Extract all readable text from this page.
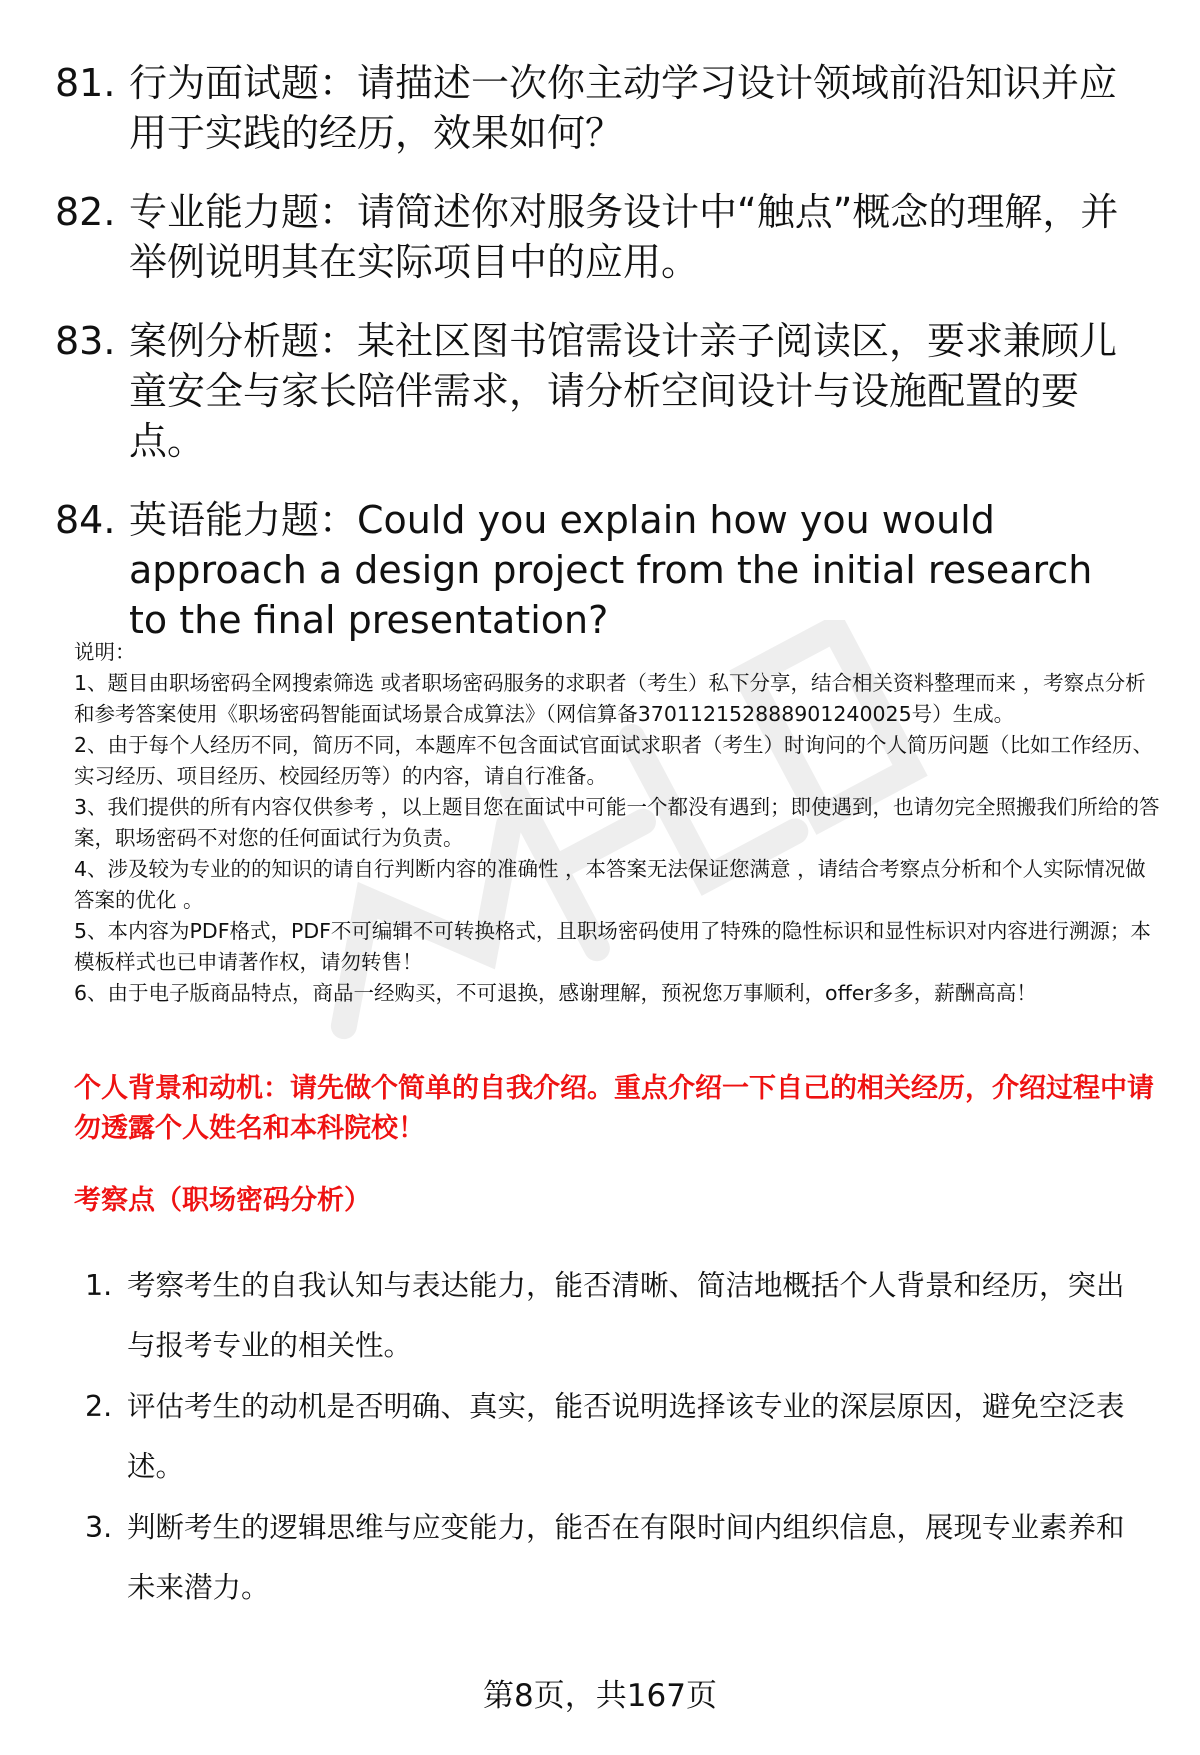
81. 行为面试题：请描述一次你主动学习设计领域前沿知识并应用于实践的经历，效果如何？
82. 专业能力题：请简述你对服务设计中“触点”概念的理解，并举例说明其在实际项目中的应用。
83. 案例分析题：某社区图书馆需设计亲子阅读区，要求兼顾儿童安全与家长陪伴需求，请分析空间设计与设施配置的要点。
84. 英语能力题：Could you explain how you would approach a design project from the initial research to the final presentation?

说明：

1、题目由职场密码全网搜索筛选 或者职场密码服务的求职者（考生）私下分享，结合相关资料整理而来 ，考察点分析和参考答案使用《职场密码智能面试场景合成算法》（网信算备370112152888901240025号）生成。

2、由于每个人经历不同，简历不同，本题库不包含面试官面试求职者（考生）时询问的个人简历问题（比如工作经历、实习经历、项目经历、校园经历等）的内容，请自行准备。

3、我们提供的所有内容仅供参考 ，以上题目您在面试中可能一个都没有遇到；即使遇到，也请勿完全照搬我们所给的答案，职场密码不对您的任何面试行为负责。

4、涉及较为专业的的知识的请自行判断内容的准确性 ，本答案无法保证您满意 ，请结合考察点分析和个人实际情况做答案的优化 。

5、本内容为PDF格式，PDF不可编辑不可转换格式，且职场密码使用了特殊的隐性标识和显性标识对内容进行溯源；本模板样式也已申请著作权，请勿转售！

6、由于电子版商品特点，商品一经购买，不可退换，感谢理解，预祝您万事顺利，offer多多，薪酬高高！

个人背景和动机：请先做个简单的自我介绍。重点介绍一下自己的相关经历，介绍过程中请勿透露个人姓名和本科院校！
考察点（职场密码分析）
1. 考察考生的自我认知与表达能力，能否清晰、简洁地概括个人背景和经历，突出与报考专业的相关性。
2. 评估考生的动机是否明确、真实，能否说明选择该专业的深层原因，避免空泛表述。
3. 判断考生的逻辑思维与应变能力，能否在有限时间内组织信息，展现专业素养和未来潜力。
第8页，共167页
